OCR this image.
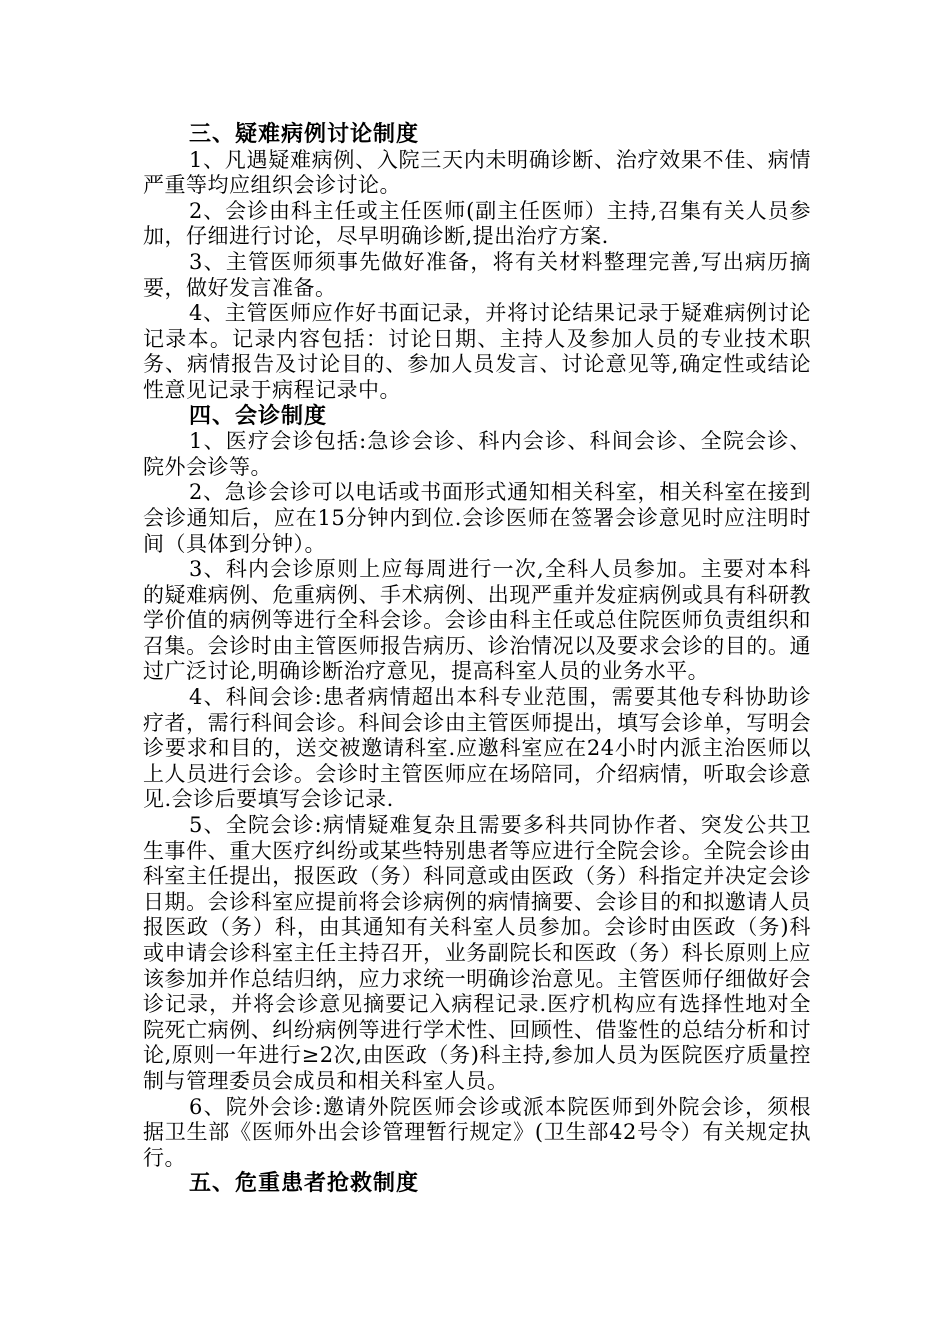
三、疑难病例讨论制度

1、凡遇疑难病例、入院三天内未明确诊断、治疗效果不佳、病情严重等均应组织会诊讨论。

2、会诊由科主任或主任医师(副主任医师）主持,召集有关人员参加，仔细进行讨论，尽早明确诊断,提出治疗方案.

3、主管医师须事先做好准备，将有关材料整理完善,写出病历摘要，做好发言准备。

4、主管医师应作好书面记录，并将讨论结果记录于疑难病例讨论记录本。记录内容包括：讨论日期、主持人及参加人员的专业技术职务、病情报告及讨论目的、参加人员发言、讨论意见等,确定性或结论性意见记录于病程记录中。

四、会诊制度

1、医疗会诊包括:急诊会诊、科内会诊、科间会诊、全院会诊、院外会诊等。

2、急诊会诊可以电话或书面形式通知相关科室，相关科室在接到会诊通知后，应在15分钟内到位.会诊医师在签署会诊意见时应注明时间（具体到分钟）。

3、科内会诊原则上应每周进行一次,全科人员参加。主要对本科的疑难病例、危重病例、手术病例、出现严重并发症病例或具有科研教学价值的病例等进行全科会诊。会诊由科主任或总住院医师负责组织和召集。会诊时由主管医师报告病历、诊治情况以及要求会诊的目的。通过广泛讨论,明确诊断治疗意见，提高科室人员的业务水平。

4、科间会诊:患者病情超出本科专业范围，需要其他专科协助诊疗者，需行科间会诊。科间会诊由主管医师提出，填写会诊单，写明会诊要求和目的，送交被邀请科室.应邀科室应在24小时内派主治医师以上人员进行会诊。会诊时主管医师应在场陪同，介绍病情，听取会诊意见.会诊后要填写会诊记录.

5、全院会诊:病情疑难复杂且需要多科共同协作者、突发公共卫生事件、重大医疗纠纷或某些特别患者等应进行全院会诊。全院会诊由科室主任提出，报医政（务）科同意或由医政（务）科指定并决定会诊日期。会诊科室应提前将会诊病例的病情摘要、会诊目的和拟邀请人员报医政（务）科，由其通知有关科室人员参加。会诊时由医政（务)科或申请会诊科室主任主持召开，业务副院长和医政（务）科长原则上应该参加并作总结归纳，应力求统一明确诊治意见。主管医师仔细做好会诊记录，并将会诊意见摘要记入病程记录.医疗机构应有选择性地对全院死亡病例、纠纷病例等进行学术性、回顾性、借鉴性的总结分析和讨论,原则一年进行≥2次,由医政（务)科主持,参加人员为医院医疗质量控制与管理委员会成员和相关科室人员。

6、院外会诊:邀请外院医师会诊或派本院医师到外院会诊，须根据卫生部《医师外出会诊管理暂行规定》(卫生部42号令）有关规定执行。

五、危重患者抢救制度
